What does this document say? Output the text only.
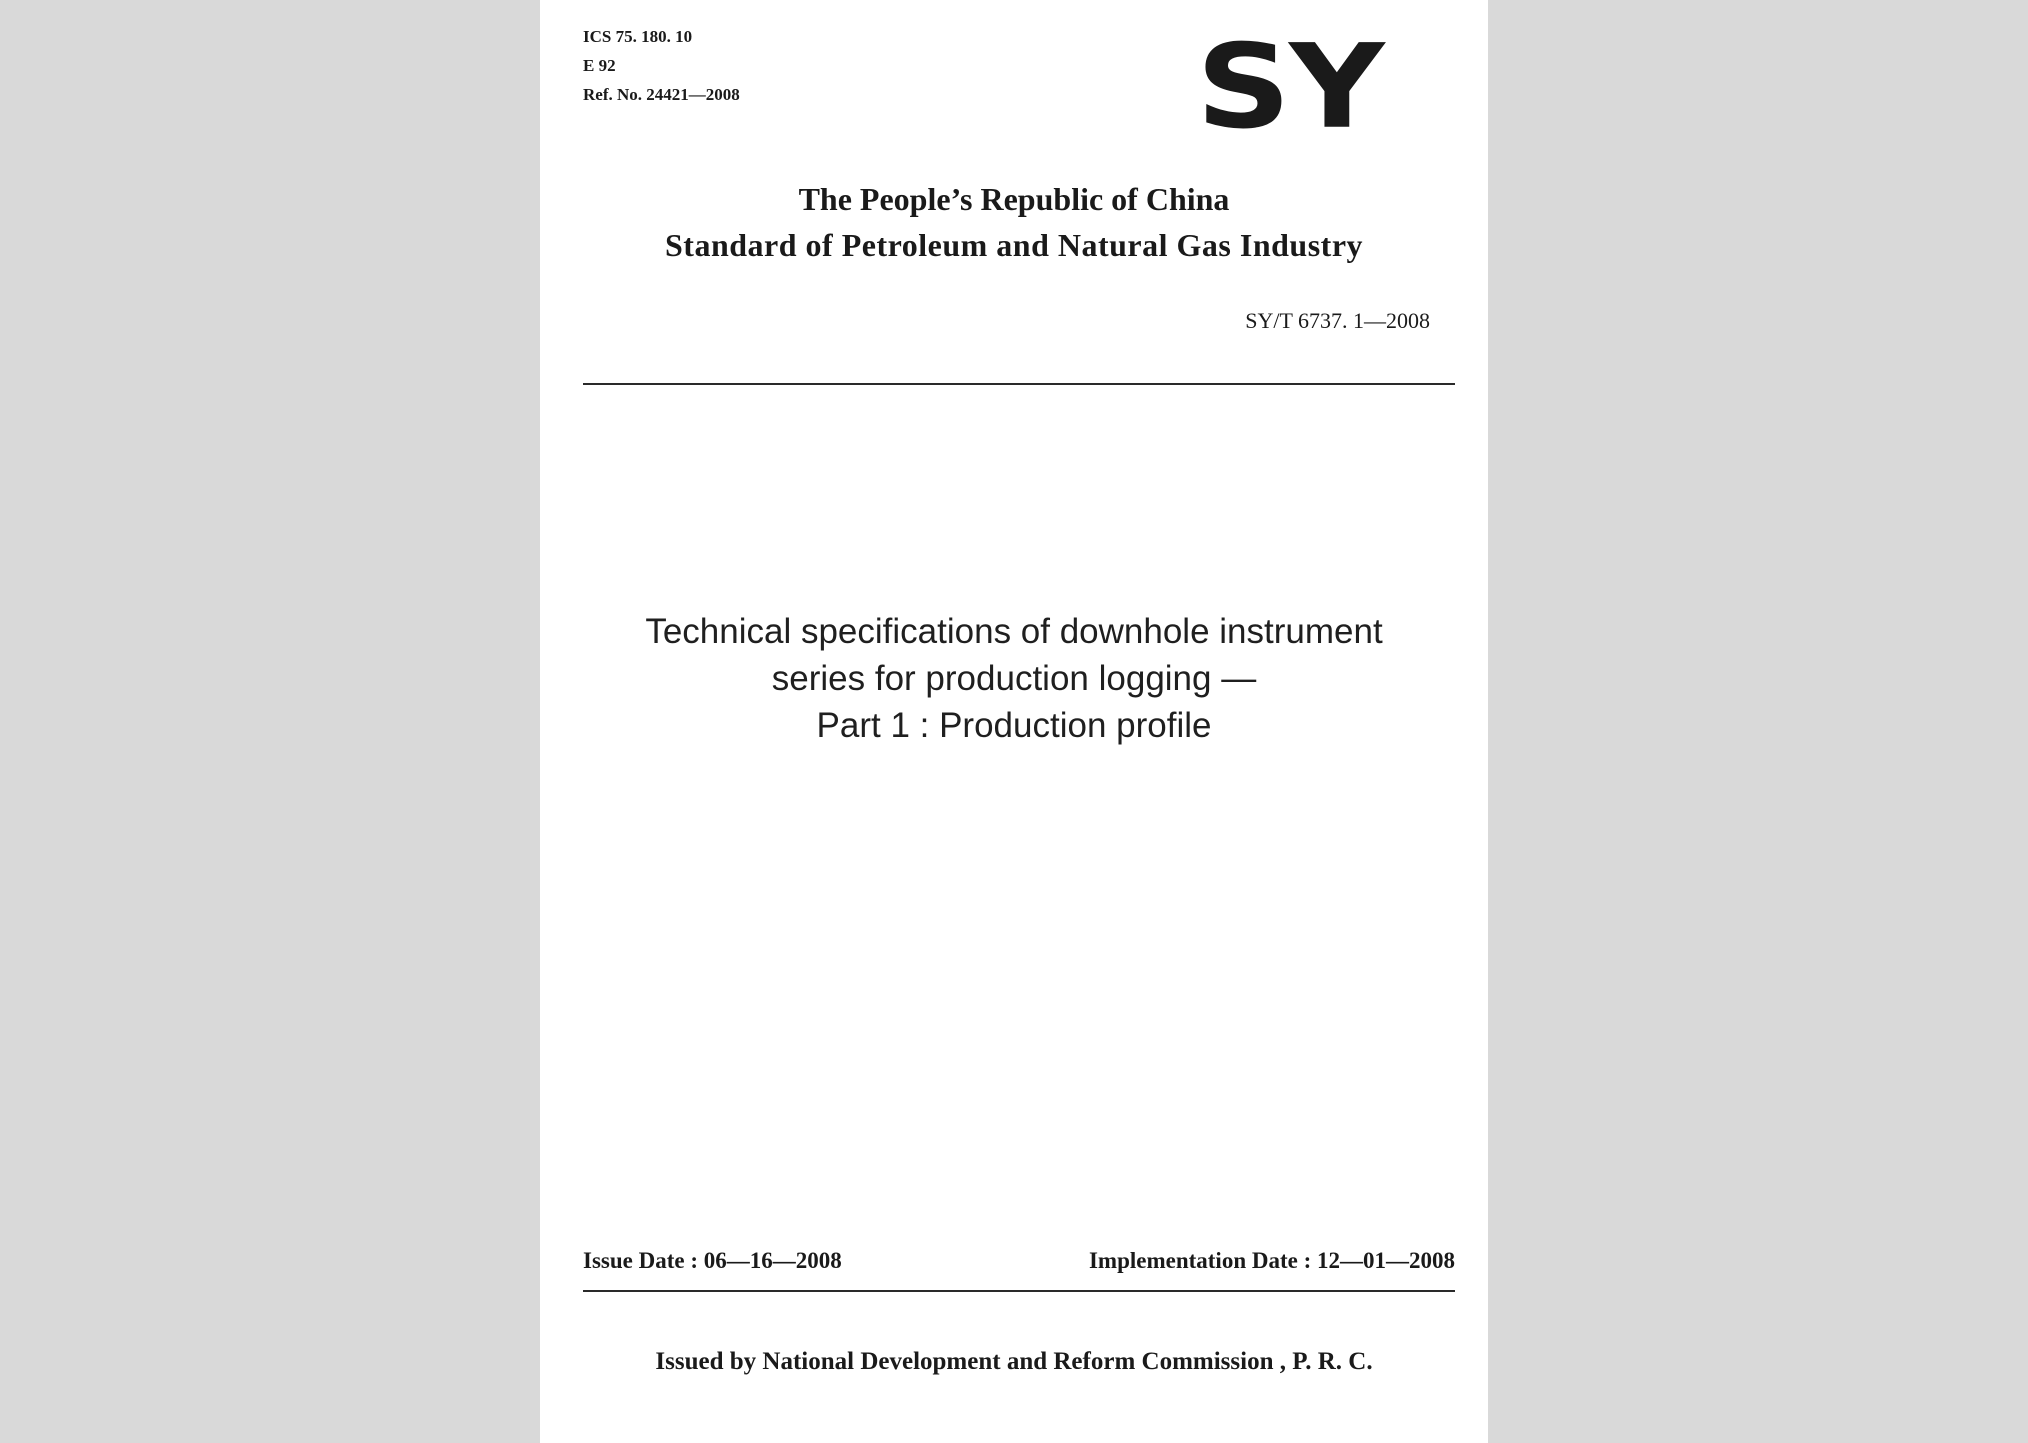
ICS 75. 180. 10
E 92
Ref. No. 24421—2008	SY
The People’s Republic of China
Standard of Petroleum and Natural Gas Industry
SY/T 6737. 1—2008
Technical specifications of downhole instrument
series for production logging —
Part 1 : Production profile
Issue Date : 06—16—2008	Implementation Date : 12—01—2008
Issued by National Development and Reform Commission , P. R. C.
